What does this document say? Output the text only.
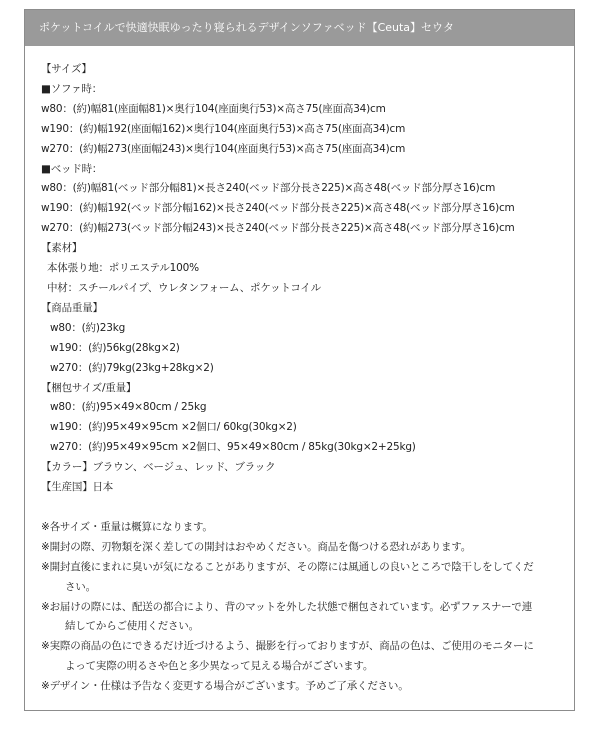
ポケットコイルで快適快眠ゆったり寝られるデザインソファベッド【Ceuta】セウタ
【サイズ】
■ソファ時：
w80：(約)幅81(座面幅81)×奥行104(座面奥行53)×高さ75(座面高34)cm
w190：(約)幅192(座面幅162)×奥行104(座面奥行53)×高さ75(座面高34)cm
w270：(約)幅273(座面幅243)×奥行104(座面奥行53)×高さ75(座面高34)cm
■ベッド時：
w80：(約)幅81(ベッド部分幅81)×長さ240(ベッド部分長さ225)×高さ48(ベッド部分厚さ16)cm
w190：(約)幅192(ベッド部分幅162)×長さ240(ベッド部分長さ225)×高さ48(ベッド部分厚さ16)cm
w270：(約)幅273(ベッド部分幅243)×長さ240(ベッド部分長さ225)×高さ48(ベッド部分厚さ16)cm
【素材】
本体張り地：ポリエステル100%
中材：スチールパイプ、ウレタンフォーム、ポケットコイル
【商品重量】
w80：(約)23kg
w190：(約)56kg(28kg×2)
w270：(約)79kg(23kg+28kg×2)
【梱包サイズ/重量】
w80：(約)95×49×80cm / 25kg
w190：(約)95×49×95cm ×2個口/ 60kg(30kg×2)
w270：(約)95×49×95cm ×2個口、95×49×80cm / 85kg(30kg×2+25kg)
【カラー】ブラウン、ベージュ、レッド、ブラック
【生産国】日本
※各サイズ・重量は概算になります。
※開封の際、刃物類を深く差しての開封はおやめください。商品を傷つける恐れがあります。
※開封直後にまれに臭いが気になることがありますが、その際には風通しの良いところで陰干しをしてくだ
さい。
※お届けの際には、配送の都合により、背のマットを外した状態で梱包されています。必ずファスナーで連
結してからご使用ください。
※実際の商品の色にできるだけ近づけるよう、撮影を行っておりますが、商品の色は、ご使用のモニターに
よって実際の明るさや色と多少異なって見える場合がございます。
※デザイン・仕様は予告なく変更する場合がございます。予めご了承ください。
